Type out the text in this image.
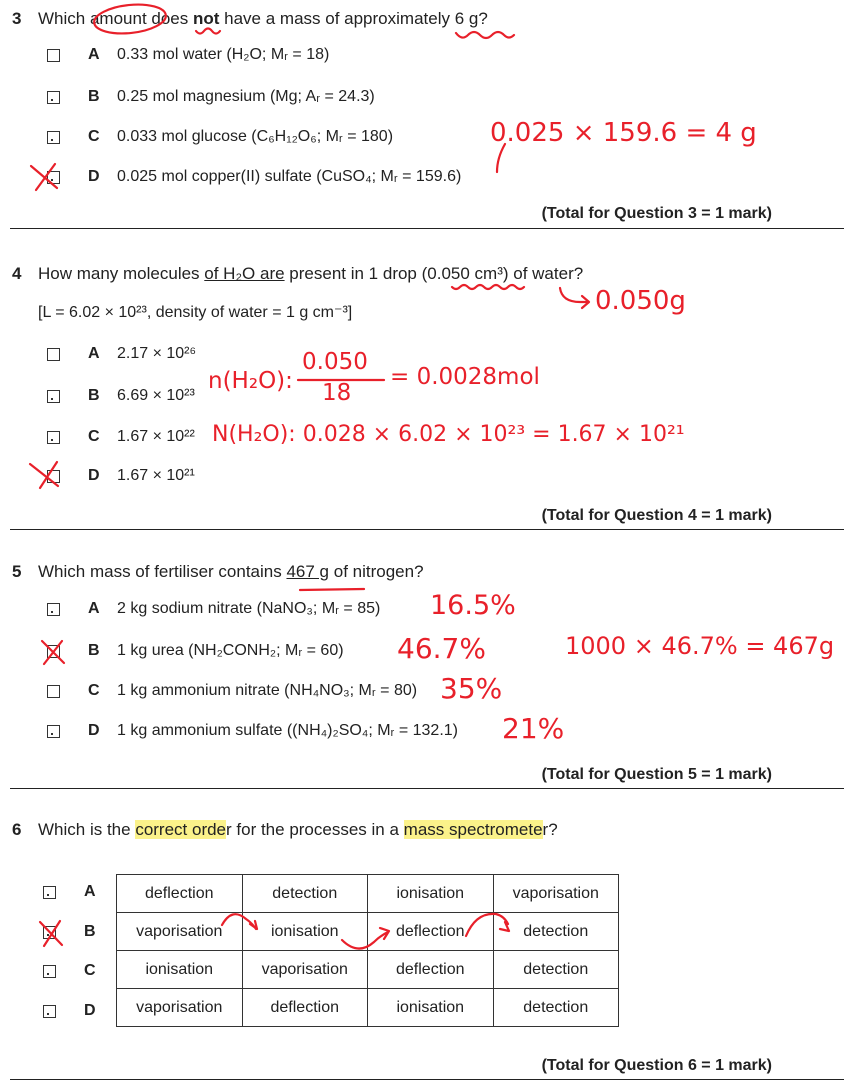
3 Which amount does not have a mass of approximately 6 g?
A 0.33 mol water (H₂O; Mᵣ = 18)
B 0.25 mol magnesium (Mg; Aᵣ = 24.3)
C 0.033 mol glucose (C₆H₁₂O₆; Mᵣ = 180)
D 0.025 mol copper(II) sulfate (CuSO₄; Mᵣ = 159.6)
0.025 × 159.6 = 4 g
(Total for Question 3 = 1 mark)
4 How many molecules of H₂O are present in 1 drop (0.050 cm³) of water?
[L = 6.02 × 10²³, density of water = 1 g cm⁻³]	0.050g
A 2.17 × 10²⁶
B 6.69 × 10²³
C 1.67 × 10²²
D 1.67 × 10²¹
n(H₂O):
0.050
18
= 0.0028mol
N(H₂O): 0.028 × 6.02 × 10²³ = 1.67 × 10²¹
(Total for Question 4 = 1 mark)
5 Which mass of fertiliser contains 467 g of nitrogen?
A 2 kg sodium nitrate (NaNO₃; Mᵣ = 85) 16.5%
B 1 kg urea (NH₂CONH₂; Mᵣ = 60) 46.7%
C 1 kg ammonium nitrate (NH₄NO₃; Mᵣ = 80) 35%
D 1 kg ammonium sulfate ((NH₄)₂SO₄; Mᵣ = 132.1) 21%
1000 × 46.7% = 467g
(Total for Question 5 = 1 mark)
6 Which is the correct order for the processes in a mass spectrometer?
A
B
C
D
deflection	detection	ionisation	vaporisation
vaporisation	ionisation	deflection	detection
ionisation	vaporisation	deflection	detection
vaporisation	deflection	ionisation	detection
(Total for Question 6 = 1 mark)
